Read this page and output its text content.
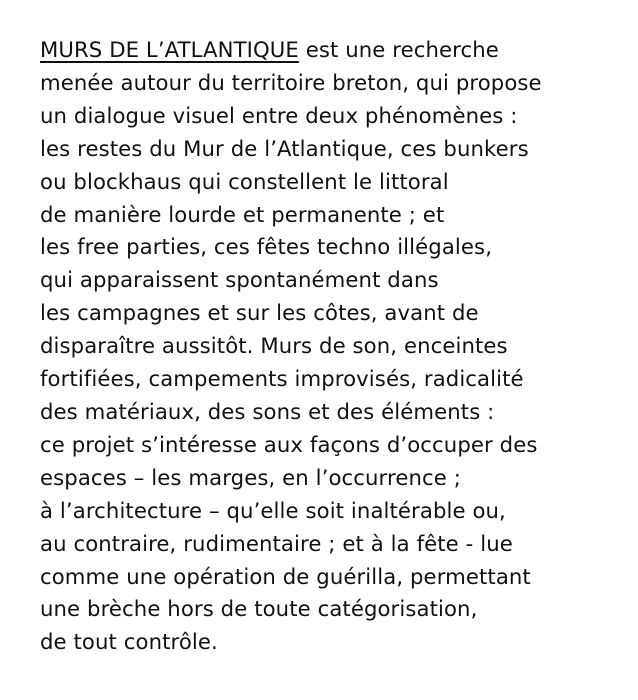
MURS DE L’ATLANTIQUE est une recherche
menée autour du territoire breton, qui propose
un dialogue visuel entre deux phénomènes :
les restes du Mur de l’Atlantique, ces bunkers
ou blockhaus qui constellent le littoral
de manière lourde et permanente ; et
les free parties, ces fêtes techno illégales,
qui apparaissent spontanément dans
les campagnes et sur les côtes, avant de
disparaître aussitôt. Murs de son, enceintes
fortifiées, campements improvisés, radicalité
des matériaux, des sons et des éléments :
ce projet s’intéresse aux façons d’occuper des
espaces – les marges, en l’occurrence ;
à l’architecture – qu’elle soit inaltérable ou,
au contraire, rudimentaire ; et à la fête - lue
comme une opération de guérilla, permettant
une brèche hors de toute catégorisation,
de tout contrôle.
